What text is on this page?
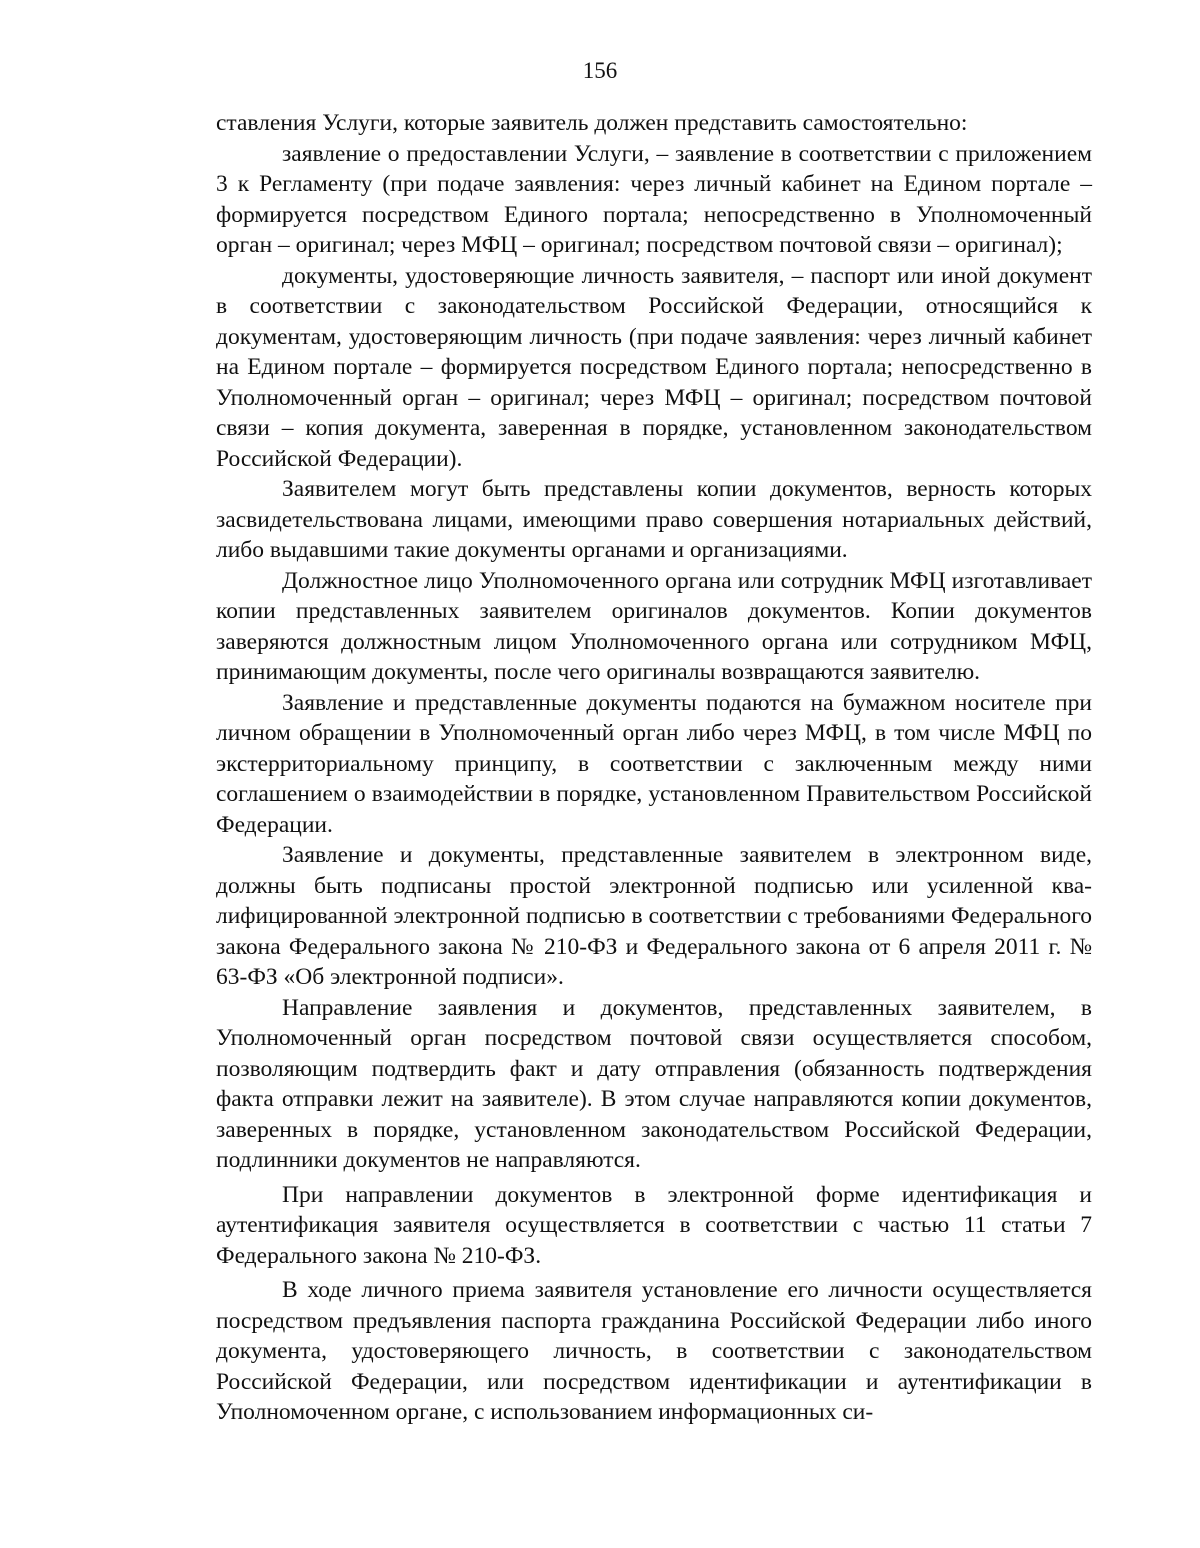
156

ставления Услуги, которые заявитель должен представить самостоятельно:

заявление о предоставлении Услуги, – заявление в соответствии с приложением 3 к Регламенту (при подаче заявления: через личный кабинет на Едином портале – формируется посредством Единого портала; непосредственно в Уполномоченный орган – оригинал; через МФЦ – оригинал; посредством почтовой связи – оригинал);

документы, удостоверяющие личность заявителя, – паспорт или иной документ в соответствии с законодательством Российской Федерации, относящийся к документам, удостоверяющим личность (при подаче заявления: через личный кабинет на Едином портале – формируется посредством Единого портала; непосредственно в Уполномоченный орган – оригинал; через МФЦ – оригинал; посредством почтовой связи – копия документа, заверенная в порядке, установленном законодательством Российской Федерации).

Заявителем могут быть представлены копии документов, верность которых засвидетельствована лицами, имеющими право совершения нотариальных действий, либо выдавшими такие документы органами и организациями.

Должностное лицо Уполномоченного органа или сотрудник МФЦ изготавливает копии представленных заявителем оригиналов документов. Копии документов заверяются должностным лицом Уполномоченного органа или сотрудником МФЦ, принимающим документы, после чего оригиналы возвращаются заявителю.

Заявление и представленные документы подаются на бумажном носителе при личном обращении в Уполномоченный орган либо через МФЦ, в том числе МФЦ по экстерриториальному принципу, в соответствии с заключенным между ними соглашением о взаимодействии в порядке, установленном Правительством Российской Федерации.

Заявление и документы, представленные заявителем в электронном виде, должны быть подписаны простой электронной подписью или усиленной квалифицированной электронной подписью в соответствии с требованиями Федерального закона Федерального закона № 210-ФЗ и Федерального закона от 6 апреля 2011 г. № 63-ФЗ «Об электронной подписи».

Направление заявления и документов, представленных заявителем, в Уполномоченный орган посредством почтовой связи осуществляется способом, позволяющим подтвердить факт и дату отправления (обязанность подтверждения факта отправки лежит на заявителе). В этом случае направляются копии документов, заверенных в порядке, установленном законодательством Российской Федерации, подлинники документов не направляются.

При направлении документов в электронной форме идентификация и аутентификация заявителя осуществляется в соответствии с частью 11 статьи 7 Федерального закона № 210-ФЗ.

В ходе личного приема заявителя установление его личности осуществляется посредством предъявления паспорта гражданина Российской Федерации либо иного документа, удостоверяющего личность, в соответствии с законодательством Российской Федерации, или посредством идентификации и аутентификации в Уполномоченном органе, с использованием информационных си-
